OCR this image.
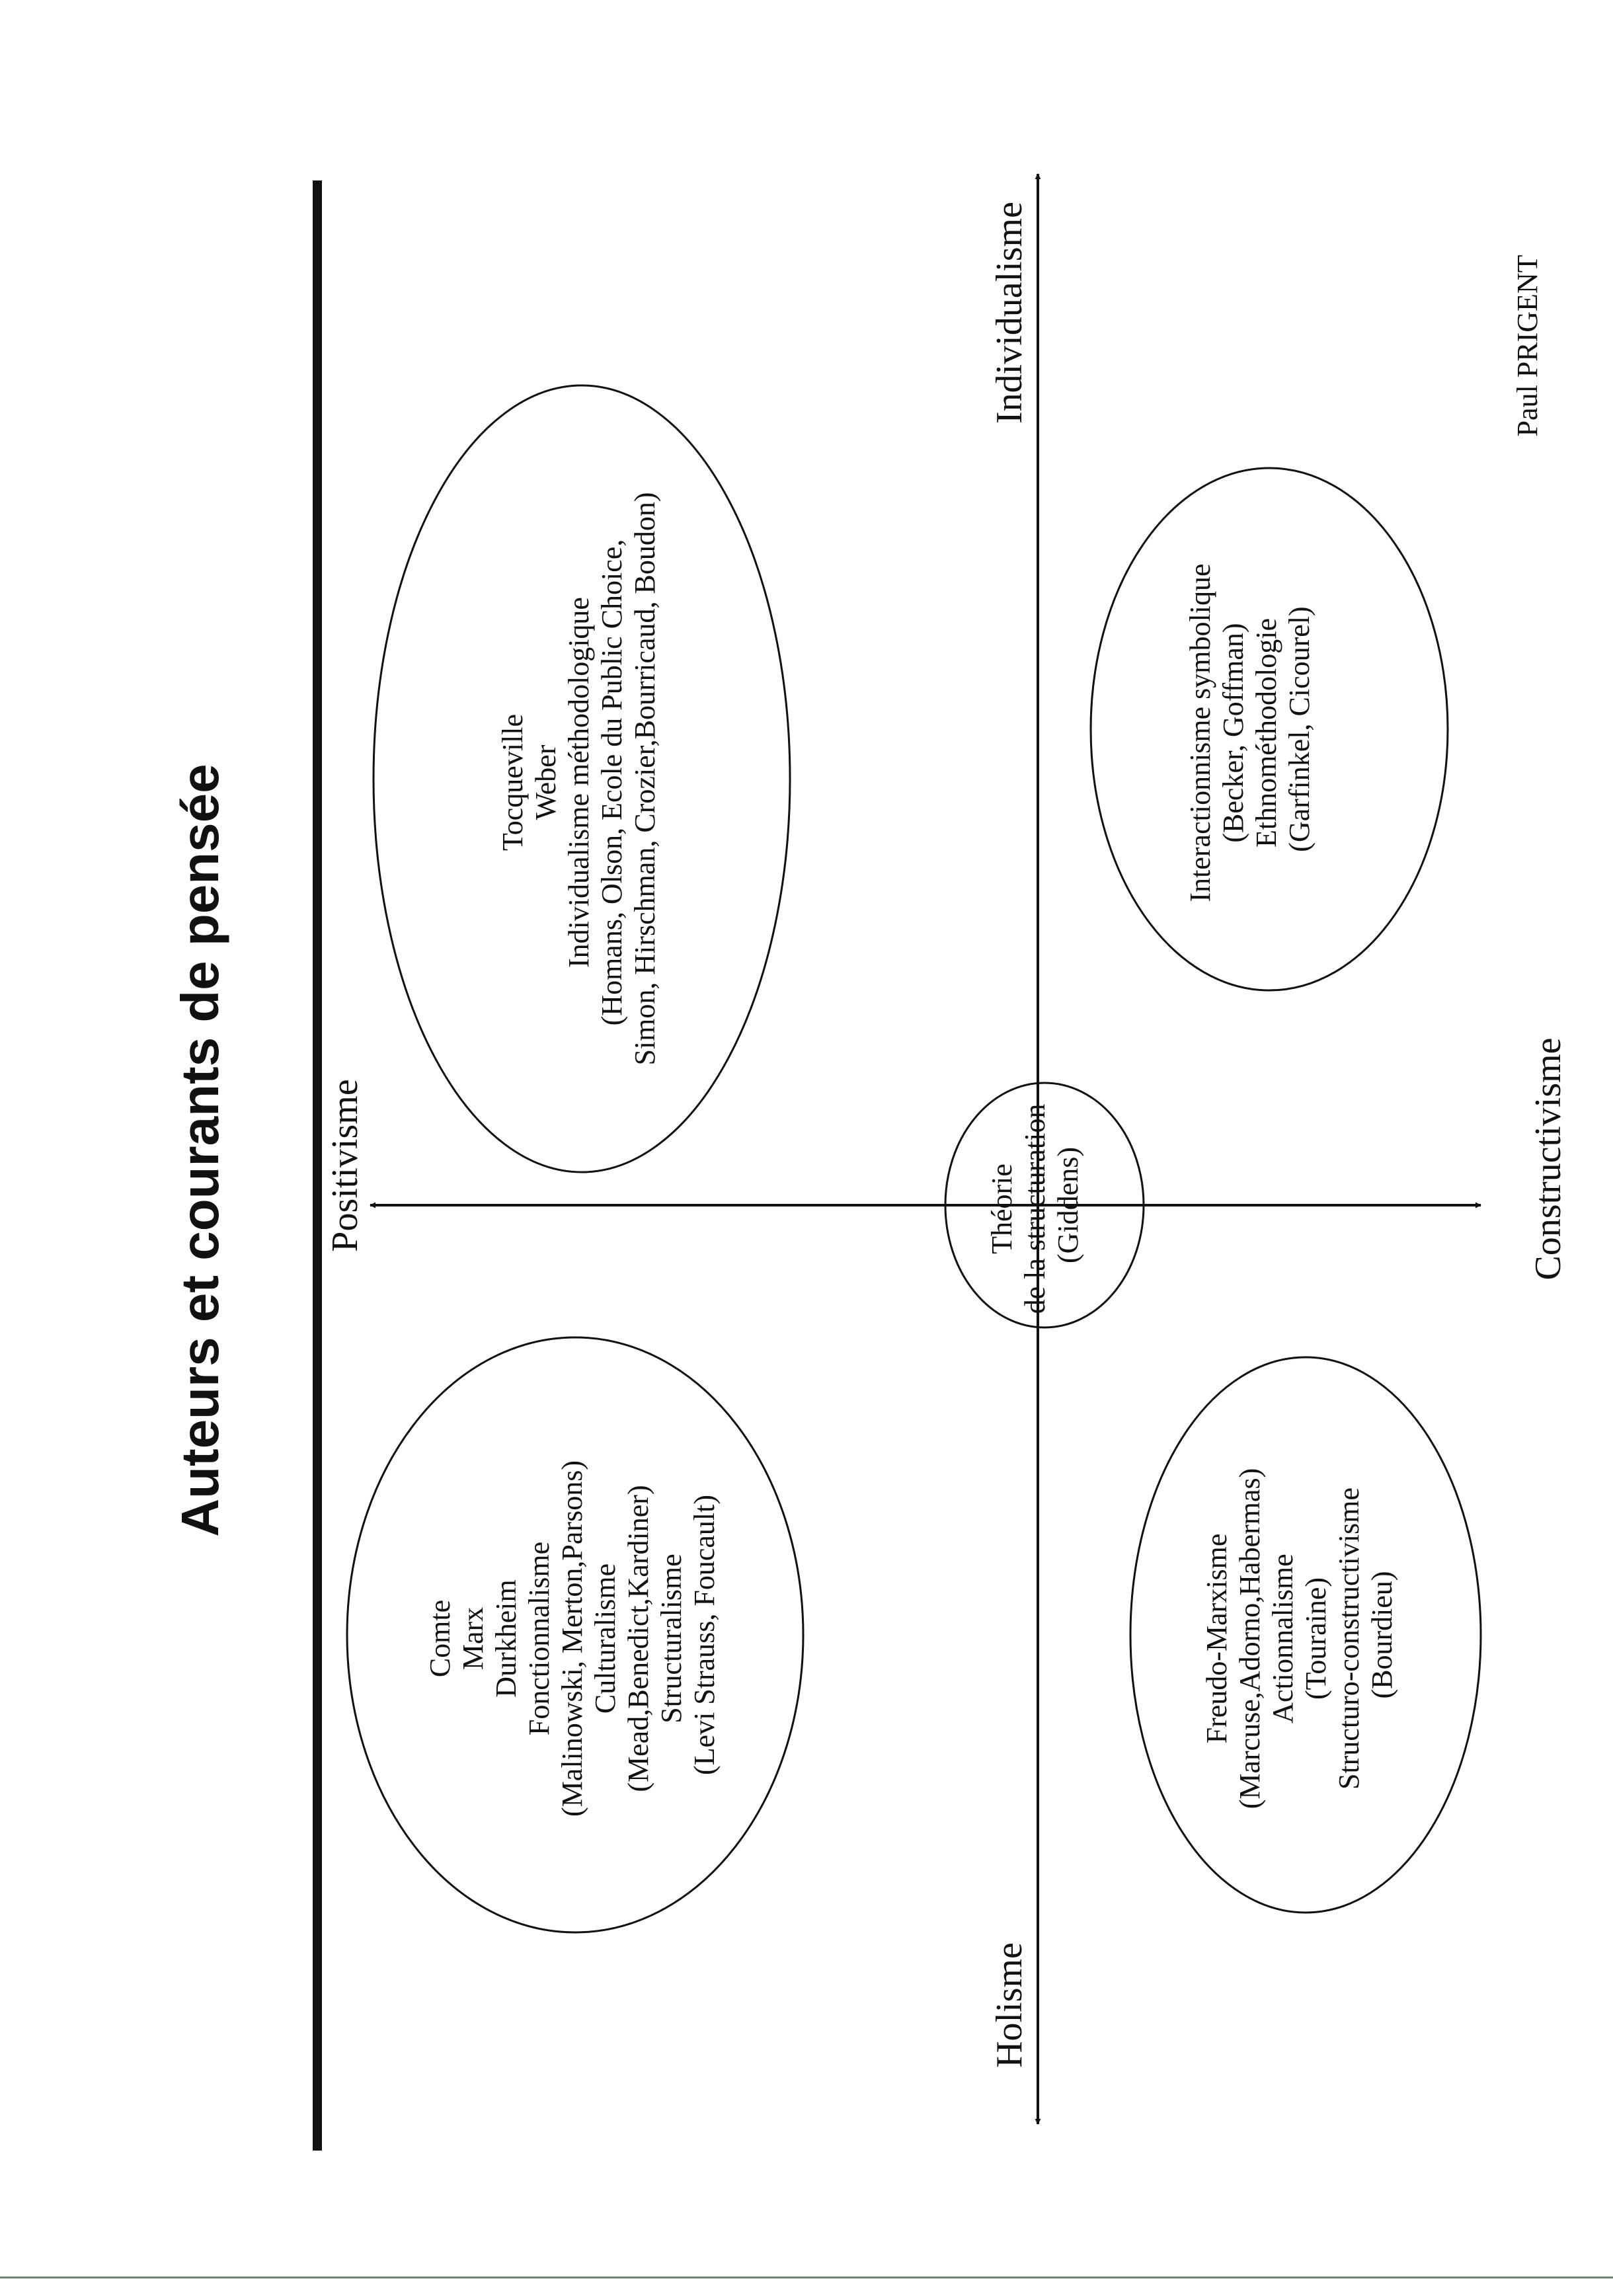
Auteurs et courants de pensée
Holisme
Individualisme
Positivisme	Constructivisme
Comte Marx Durkheim Fonctionnalisme (Malinowski, Merton,Parsons) Culturalisme (Mead,Benedict,Kardiner) Structuralisme (Levi Strauss, Foucault)
Tocqueville Weber Individualisme méthodologique (Homans, Olson, Ecole du Public Choice, Simon, Hirschman, Crozier,Bourricaud, Boudon)
Théorie de la structuration (Giddens)
Freudo-Marxisme (Marcuse,Adorno,Habermas) Actionnalisme (Touraine) Structuro-constructivisme (Bourdieu)
Interactionnisme symbolique (Becker, Goffman) Ethnométhodologie (Garfinkel, Cicourel)
Paul PRIGENT
